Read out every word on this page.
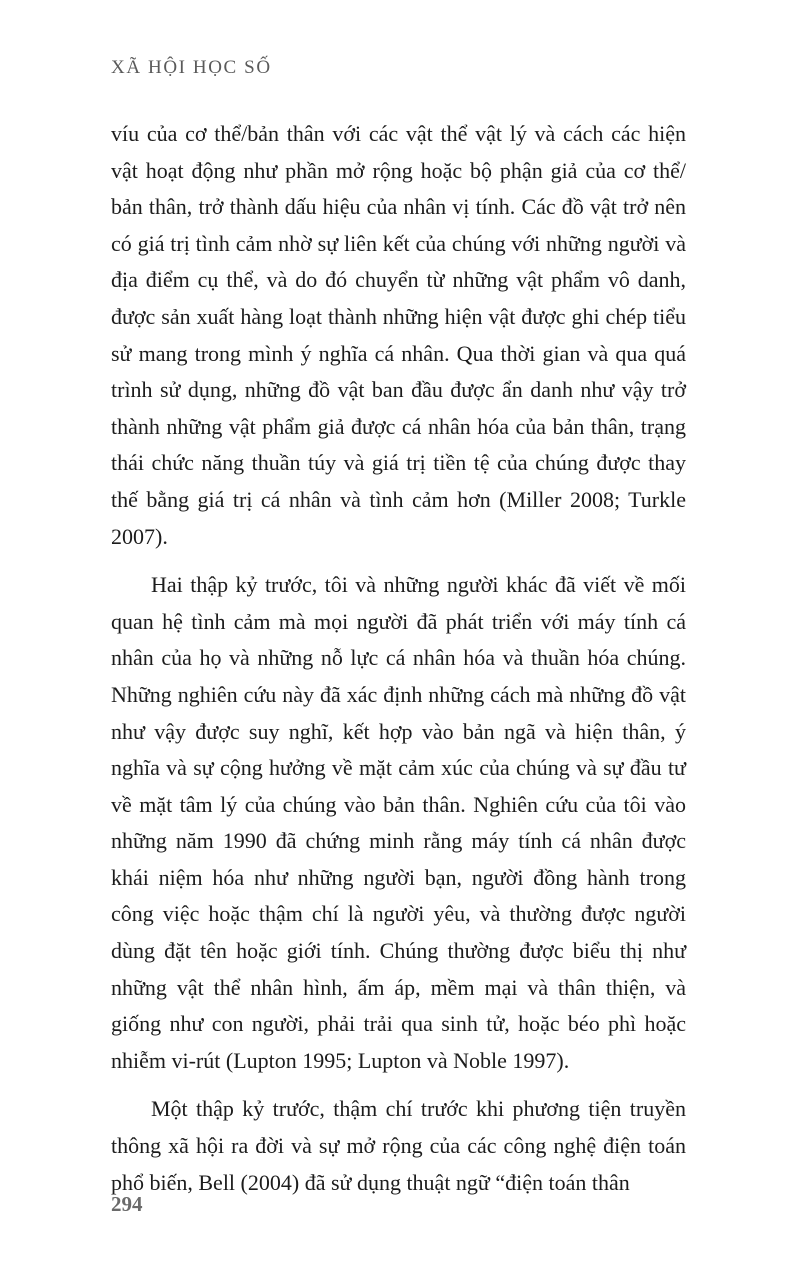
XÃ HỘI HỌC SỐ

víu của cơ thể/bản thân với các vật thể vật lý và cách các hiện vật hoạt động như phần mở rộng hoặc bộ phận giả của cơ thể/ bản thân, trở thành dấu hiệu của nhân vị tính. Các đồ vật trở nên có giá trị tình cảm nhờ sự liên kết của chúng với những người và địa điểm cụ thể, và do đó chuyển từ những vật phẩm vô danh, được sản xuất hàng loạt thành những hiện vật được ghi chép tiểu sử mang trong mình ý nghĩa cá nhân. Qua thời gian và qua quá trình sử dụng, những đồ vật ban đầu được ẩn danh như vậy trở thành những vật phẩm giả được cá nhân hóa của bản thân, trạng thái chức năng thuần túy và giá trị tiền tệ của chúng được thay thế bằng giá trị cá nhân và tình cảm hơn (Miller 2008; Turkle 2007).

Hai thập kỷ trước, tôi và những người khác đã viết về mối quan hệ tình cảm mà mọi người đã phát triển với máy tính cá nhân của họ và những nỗ lực cá nhân hóa và thuần hóa chúng. Những nghiên cứu này đã xác định những cách mà những đồ vật như vậy được suy nghĩ, kết hợp vào bản ngã và hiện thân, ý nghĩa và sự cộng hưởng về mặt cảm xúc của chúng và sự đầu tư về mặt tâm lý của chúng vào bản thân. Nghiên cứu của tôi vào những năm 1990 đã chứng minh rằng máy tính cá nhân được khái niệm hóa như những người bạn, người đồng hành trong công việc hoặc thậm chí là người yêu, và thường được người dùng đặt tên hoặc giới tính. Chúng thường được biểu thị như những vật thể nhân hình, ấm áp, mềm mại và thân thiện, và giống như con người, phải trải qua sinh tử, hoặc béo phì hoặc nhiễm vi-rút (Lupton 1995; Lupton và Noble 1997).

Một thập kỷ trước, thậm chí trước khi phương tiện truyền thông xã hội ra đời và sự mở rộng của các công nghệ điện toán phổ biến, Bell (2004) đã sử dụng thuật ngữ “điện toán thân

294
